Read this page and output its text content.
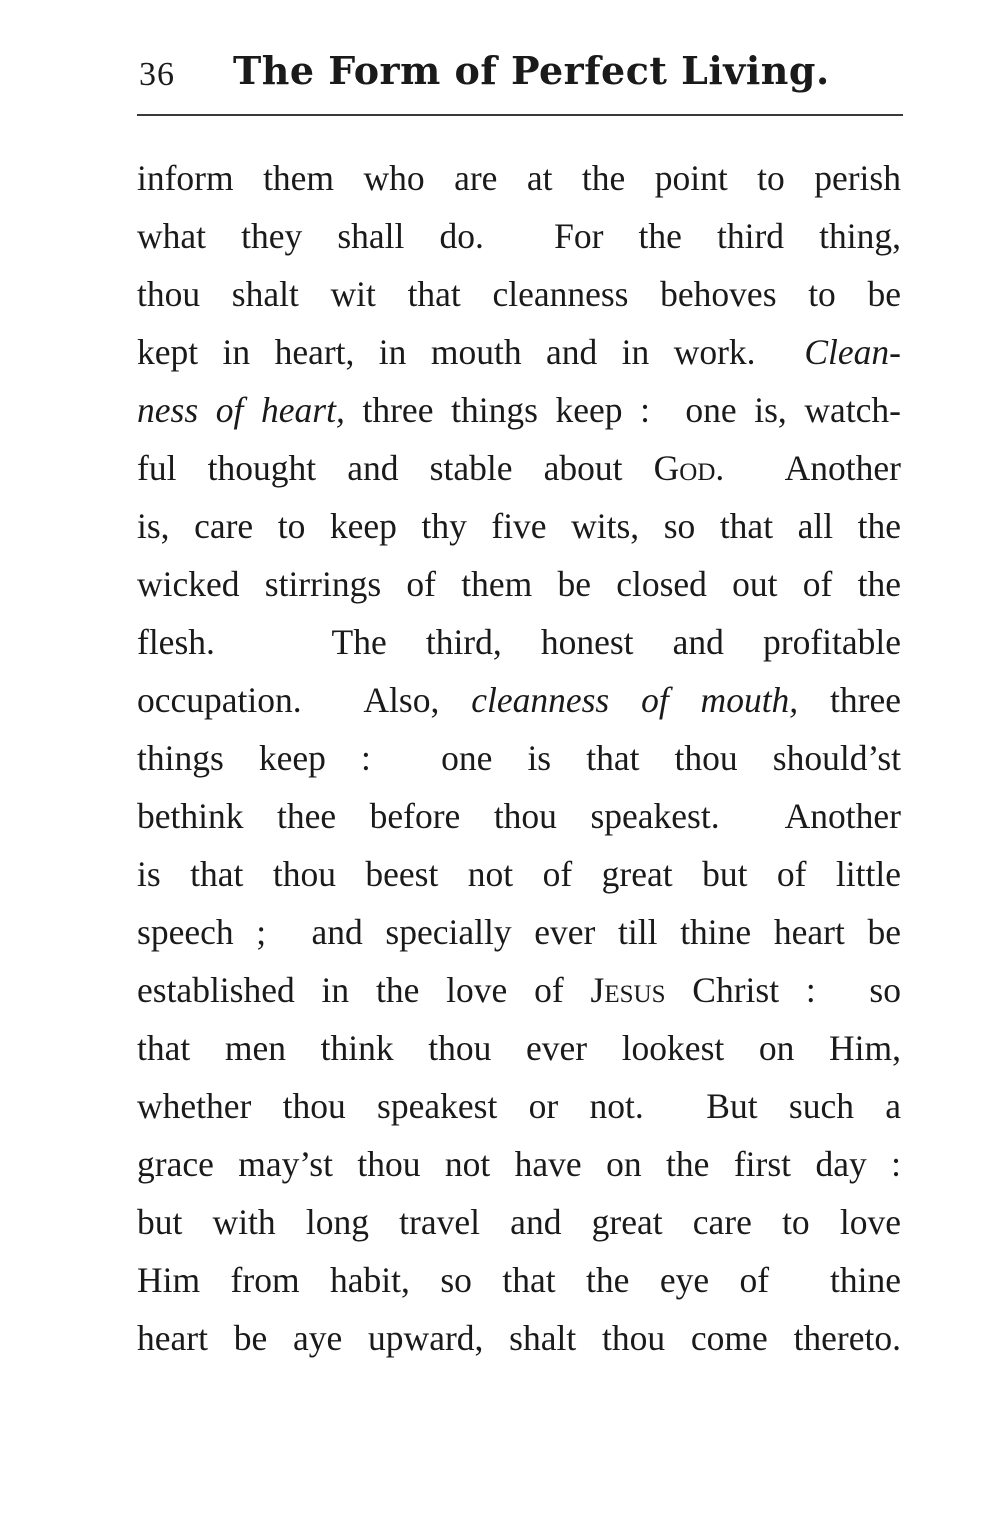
36 The Form of Perfect Living.
inform them who are at the point to perish
what they shall do.  For the third thing,
thou shalt wit that cleanness behoves to be
kept in heart, in mouth and in work.  Clean-
ness of heart, three things keep :  one is, watch-
ful thought and stable about God.  Another
is, care to keep thy five wits, so that all the
wicked stirrings of them be closed out of the
flesh.   The third, honest and profitable
occupation.  Also, cleanness of mouth, three
things keep :  one is that thou should’st
bethink thee before thou speakest.  Another
is that thou beest not of great but of little
speech ;  and specially ever till thine heart be
established in the love of Jesus Christ :  so
that men think thou ever lookest on Him,
whether thou speakest or not.  But such a
grace may’st thou not have on the first day :
but with long travel and great care to love
Him from habit, so that the eye of  thine
heart be aye upward, shalt thou come thereto.
